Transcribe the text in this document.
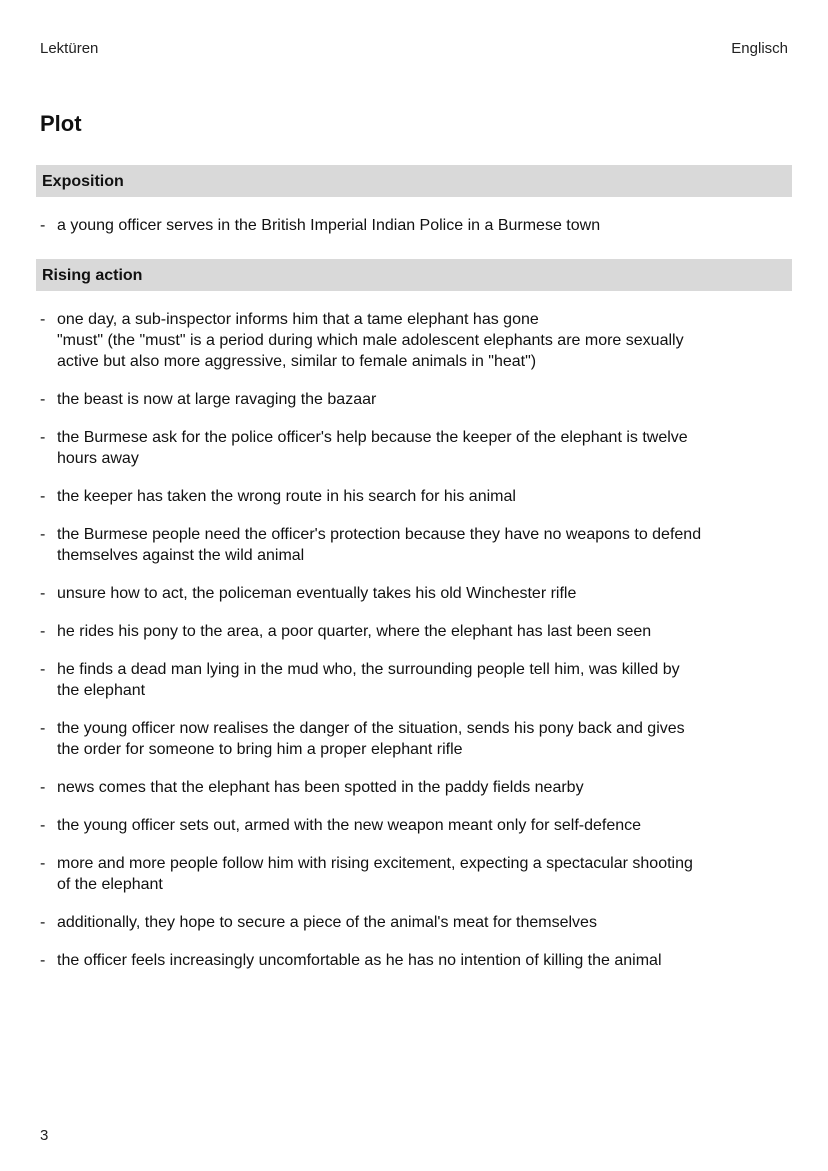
Lektüren	Englisch
Plot
Exposition
- a young officer serves in the British Imperial Indian Police in a Burmese town
Rising action
- one day, a sub-inspector informs him that a tame elephant has gone
"must" (the "must" is a period during which male adolescent elephants are more sexually
active but also more aggressive, similar to female animals in "heat")
- the beast is now at large ravaging the bazaar
- the Burmese ask for the police officer's help because the keeper of the elephant is twelve
hours away
- the keeper has taken the wrong route in his search for his animal
- the Burmese people need the officer's protection because they have no weapons to defend
themselves against the wild animal
- unsure how to act, the policeman eventually takes his old Winchester rifle
- he rides his pony to the area, a poor quarter, where the elephant has last been seen
- he finds a dead man lying in the mud who, the surrounding people tell him, was killed by
the elephant
- the young officer now realises the danger of the situation, sends his pony back and gives
the order for someone to bring him a proper elephant rifle
- news comes that the elephant has been spotted in the paddy fields nearby
- the young officer sets out, armed with the new weapon meant only for self-defence
- more and more people follow him with rising excitement, expecting a spectacular shooting
of the elephant
- additionally, they hope to secure a piece of the animal's meat for themselves
- the officer feels increasingly uncomfortable as he has no intention of killing the animal
3
